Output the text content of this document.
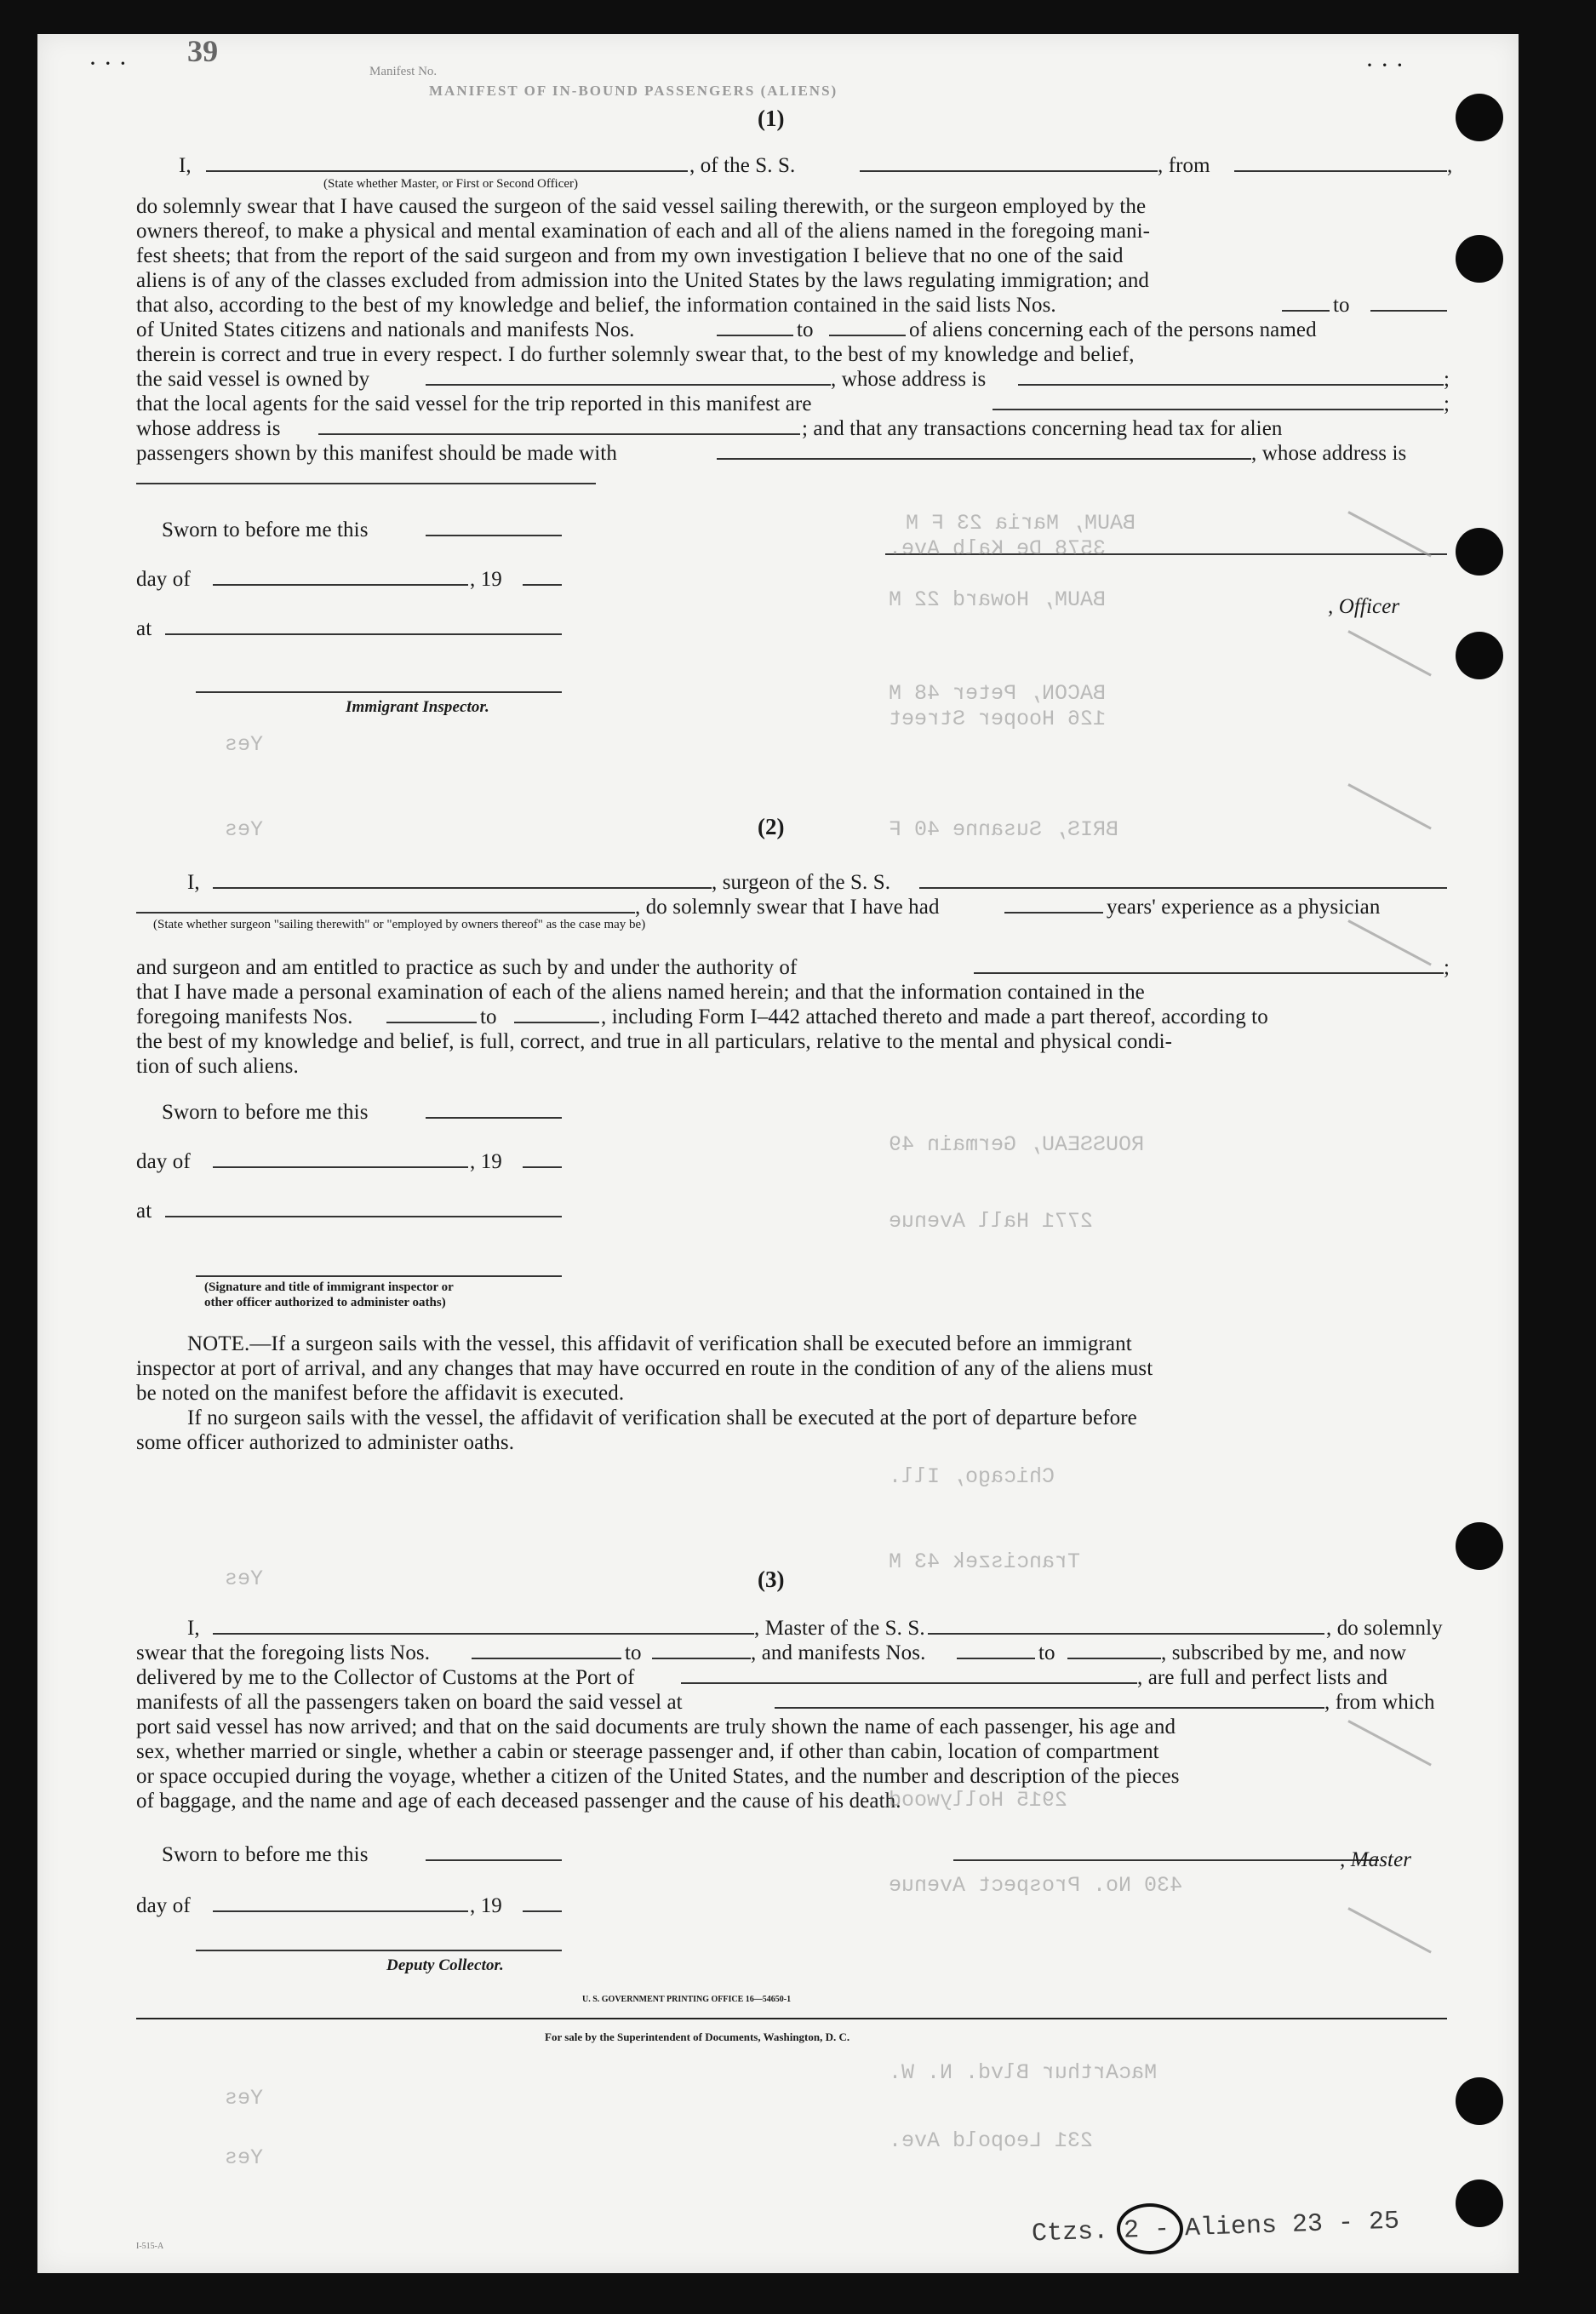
39
· · ·	Manifest No.
MANIFEST OF IN-BOUND PASSENGERS (ALIENS)
· · ·
(1)
I,	, of the S. S.	, from	,
(State whether Master, or First or Second Officer)
do solemnly swear that I have caused the surgeon of the said vessel sailing therewith, or the surgeon employed by the
owners thereof, to make a physical and mental examination of each and all of the aliens named in the foregoing mani-
fest sheets; that from the report of the said surgeon and from my own investigation I believe that no one of the said
aliens is of any of the classes excluded from admission into the United States by the laws regulating immigration; and
that also, according to the best of my knowledge and belief, the information contained in the said lists Nos.	to
of United States citizens and nationals and manifests Nos.	to	of aliens concerning each of the persons named
therein is correct and true in every respect. I do further solemnly swear that, to the best of my knowledge and belief,
the said vessel is owned by	, whose address is	;
that the local agents for the said vessel for the trip reported in this manifest are	;
whose address is	; and that any transactions concerning head tax for alien
passengers shown by this manifest should be made with	, whose address is
Sworn to before me this
day of	, 19
, Officer
at
Immigrant Inspector.
(2)
I,	, surgeon of the S. S.
, do solemnly swear that I have had	years' experience as a physician
(State whether surgeon "sailing therewith" or "employed by owners thereof" as the case may be)
and surgeon and am entitled to practice as such by and under the authority of	;
that I have made a personal examination of each of the aliens named herein; and that the information contained in the
foregoing manifests Nos.	to	, including Form I–442 attached thereto and made a part thereof, according to
the best of my knowledge and belief, is full, correct, and true in all particulars, relative to the mental and physical condi-
tion of such aliens.
Sworn to before me this
day of	, 19
at
(Signature and title of immigrant inspector or
other officer authorized to administer oaths)
NOTE.—If a surgeon sails with the vessel, this affidavit of verification shall be executed before an immigrant
inspector at port of arrival, and any changes that may have occurred en route in the condition of any of the aliens must
be noted on the manifest before the affidavit is executed.
If no surgeon sails with the vessel, the affidavit of verification shall be executed at the port of departure before
some officer authorized to administer oaths.
(3)
I,	, Master of the S. S.	, do solemnly
swear that the foregoing lists Nos.	to	, and manifests Nos.	to	, subscribed by me, and now
delivered by me to the Collector of Customs at the Port of	, are full and perfect lists and
manifests of all the passengers taken on board the said vessel at	, from which
port said vessel has now arrived; and that on the said documents are truly shown the name of each passenger, his age and
sex, whether married or single, whether a cabin or steerage passenger and, if other than cabin, location of compartment
or space occupied during the voyage, whether a citizen of the United States, and the number and description of the pieces
of baggage, and the name and age of each deceased passenger and the cause of his death.
Sworn to before me this	, Master
day of	, 19
Deputy Collector.
U. S. GOVERNMENT PRINTING OFFICE 16—54650-1
For sale by the Superintendent of Documents, Washington, D. C.
I-515-A	Ctzs. 2 - Aliens 23 - 25
BAUM, Maria 23 F M
3578 De Kalb Ave.
BAUM, Howard 22 M
BACON, Peter 48 M
126 Hooper Street
BRIS, Susanne 40 F
ROUSSEAU, Germain 49
2771 Hall Avenue
Chicago, Ill.
Tranciszek 43 M
2915 Hollywood
430 No. Prospect Avenue
MacArthur Blvd. N. W.
231 Leopold Ave.
Yes
Yes
Yes
Yes
Yes
